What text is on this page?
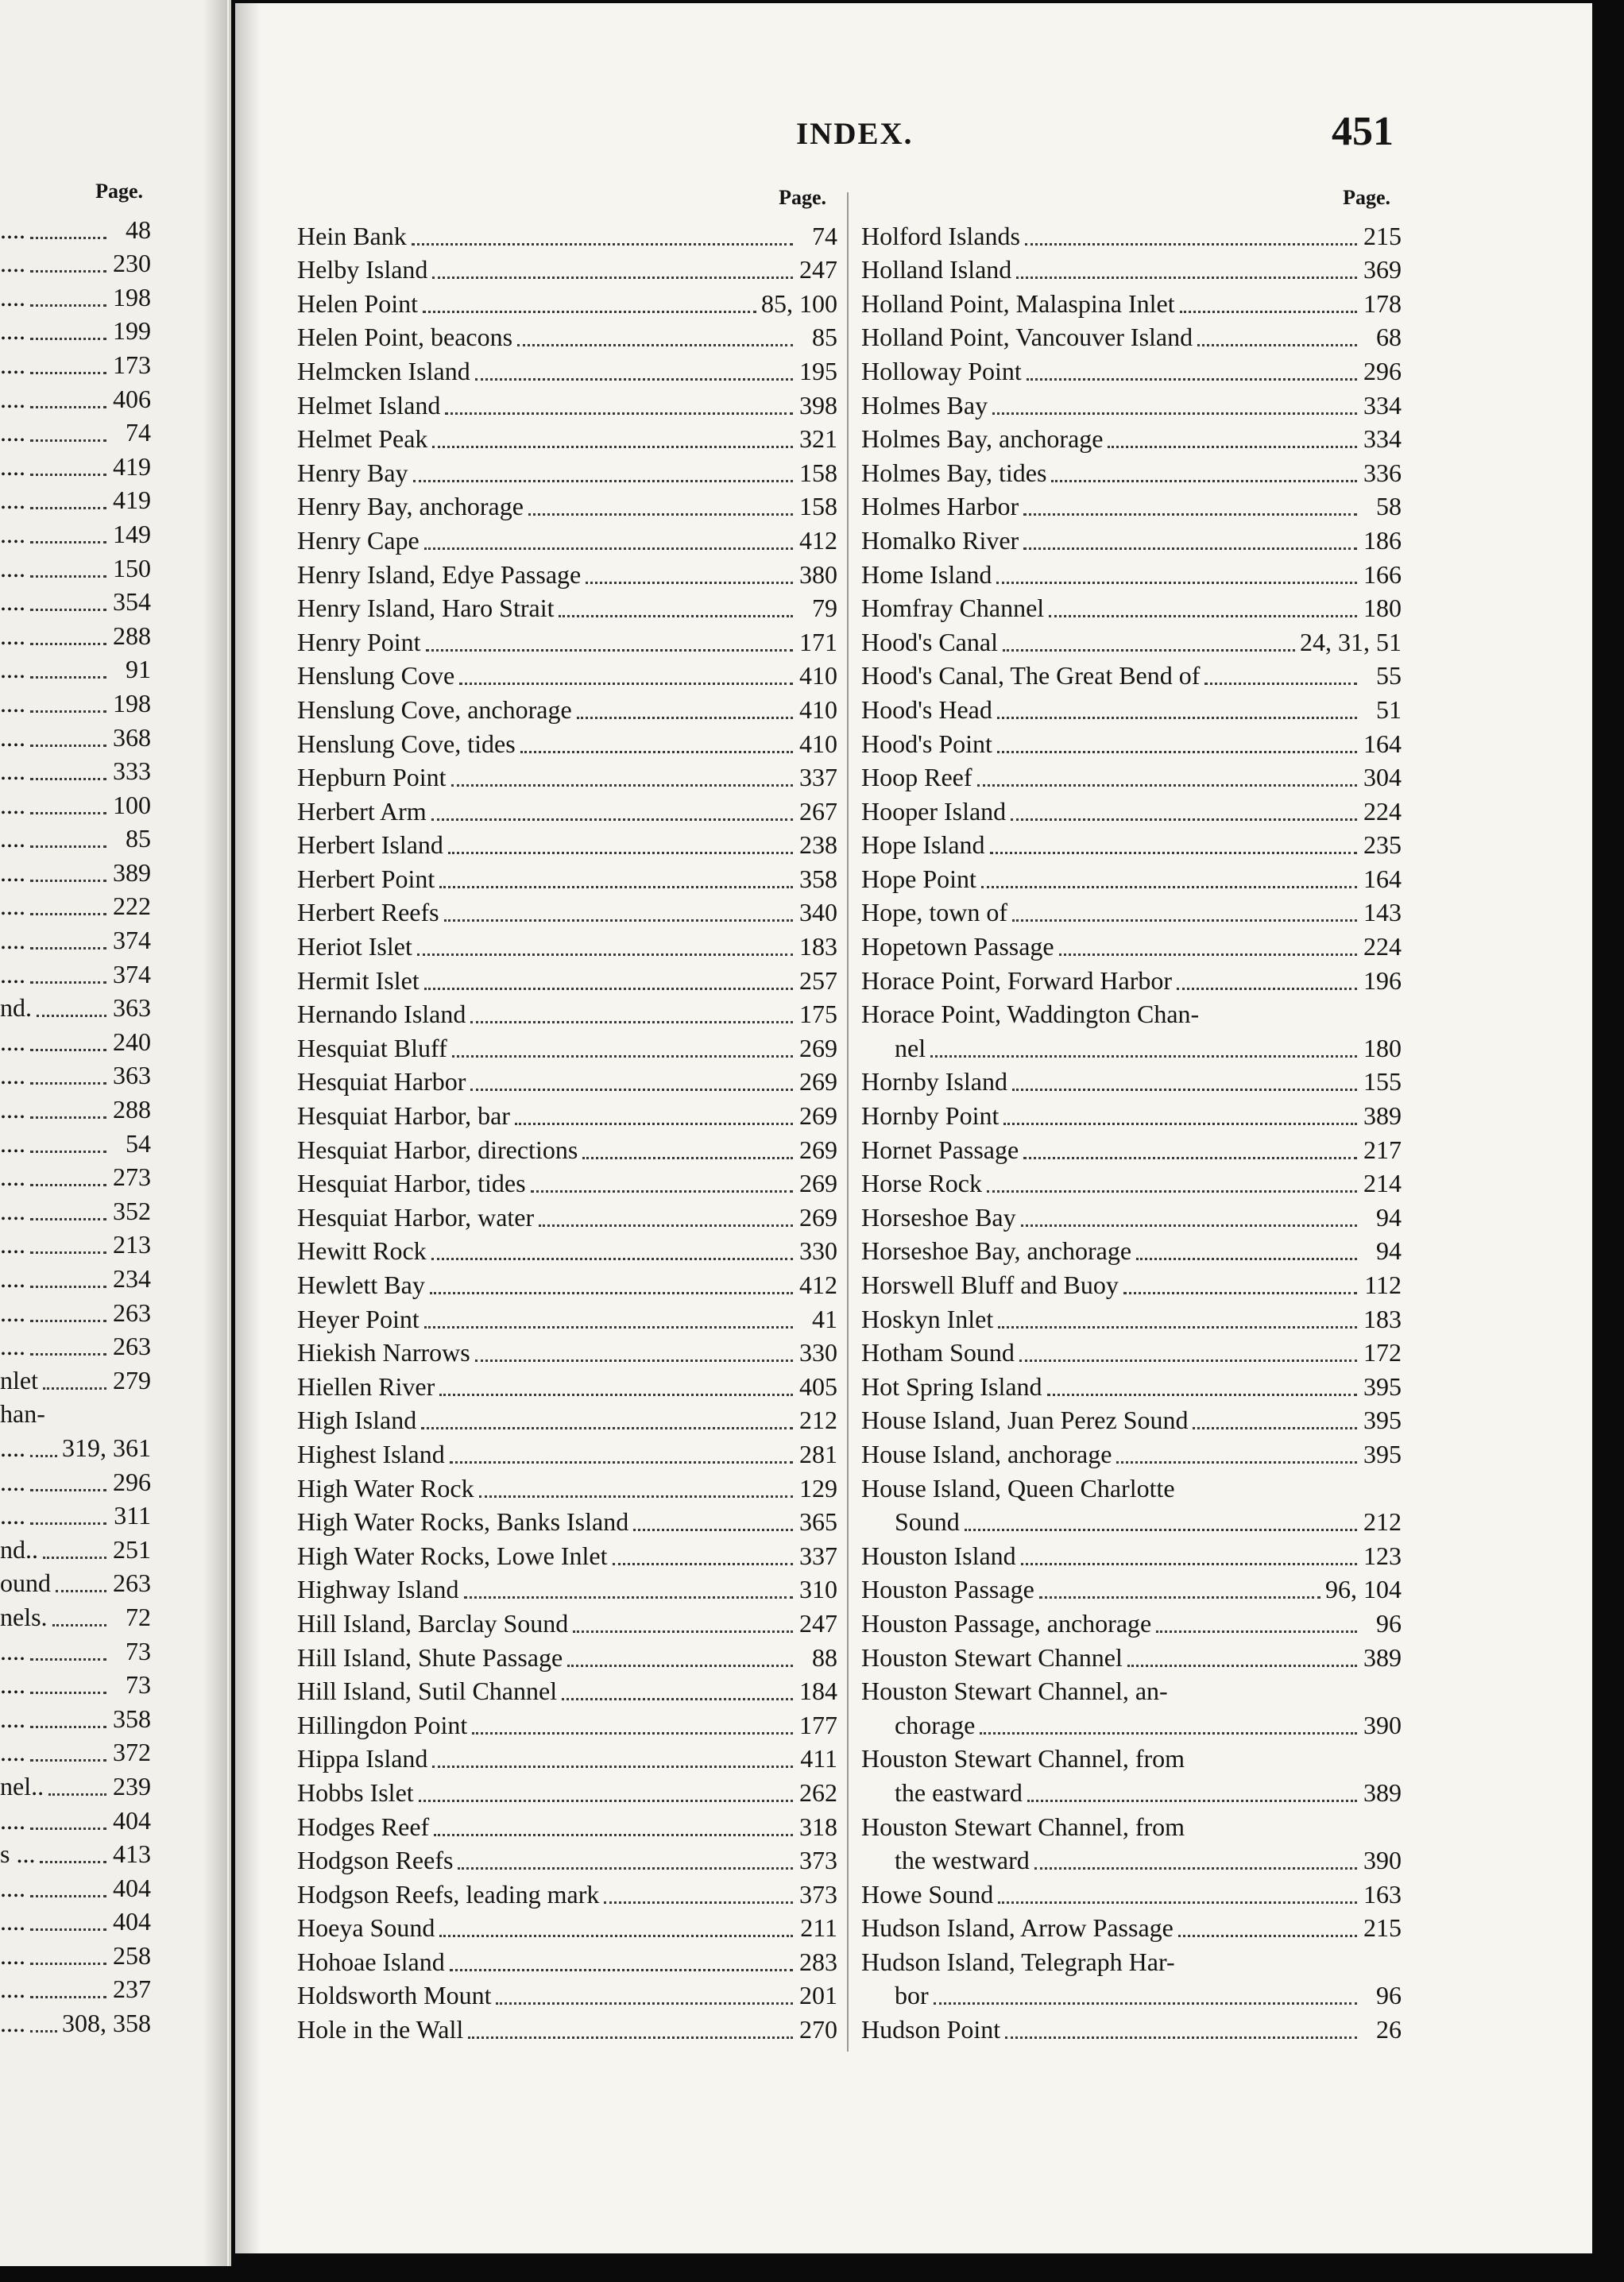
Page.
....	48
....	230
....	198
....	199
....	173
....	406
....	74
....	419
....	419
....	149
....	150
....	354
....	288
....	91
....	198
....	368
....	333
....	100
....	85
....	389
....	222
....	374
....	374
nd.	363
....	240
....	363
....	288
....	54
....	273
....	352
....	213
....	234
....	263
....	263
nlet	279
han-
.... 319, 361
....	296
....	311
nd..	251
ound 263
nels.	72
....	73
....	73
....	358
....	372
nel..	239
....	404
s ...	413
....	404
....	404
....	258
....	237
.... 308, 358
INDEX.	451
Page.
Hein Bank	74
Helby Island	247
Helen Point	85, 100
Helen Point, beacons	85
Helmcken Island	195
Helmet Island	398
Helmet Peak	321
Henry Bay	158
Henry Bay, anchorage	158
Henry Cape	412
Henry Island, Edye Passage	380
Henry Island, Haro Strait	79
Henry Point	171
Henslung Cove	410
Henslung Cove, anchorage	410
Henslung Cove, tides	410
Hepburn Point	337
Herbert Arm	267
Herbert Island	238
Herbert Point	358
Herbert Reefs	340
Heriot Islet	183
Hermit Islet	257
Hernando Island	175
Hesquiat Bluff	269
Hesquiat Harbor	269
Hesquiat Harbor, bar	269
Hesquiat Harbor, directions	269
Hesquiat Harbor, tides	269
Hesquiat Harbor, water	269
Hewitt Rock	330
Hewlett Bay	412
Heyer Point	41
Hiekish Narrows	330
Hiellen River	405
High Island	212
Highest Island	281
High Water Rock	129
High Water Rocks, Banks Island	365
High Water Rocks, Lowe Inlet	337
Highway Island	310
Hill Island, Barclay Sound	247
Hill Island, Shute Passage	88
Hill Island, Sutil Channel	184
Hillingdon Point	177
Hippa Island	411
Hobbs Islet	262
Hodges Reef	318
Hodgson Reefs	373
Hodgson Reefs, leading mark	373
Hoeya Sound	211
Hohoae Island	283
Holdsworth Mount	201
Hole in the Wall	270
Page.
Holford Islands	215
Holland Island	369
Holland Point, Malaspina Inlet	178
Holland Point, Vancouver Island	68
Holloway Point	296
Holmes Bay	334
Holmes Bay, anchorage	334
Holmes Bay, tides	336
Holmes Harbor	58
Homalko River	186
Home Island	166
Homfray Channel	180
Hood's Canal	24, 31, 51
Hood's Canal, The Great Bend of	55
Hood's Head	51
Hood's Point	164
Hoop Reef	304
Hooper Island	224
Hope Island	235
Hope Point	164
Hope, town of	143
Hopetown Passage	224
Horace Point, Forward Harbor	196
Horace Point, Waddington Chan-
nel	180
Hornby Island	155
Hornby Point	389
Hornet Passage	217
Horse Rock	214
Horseshoe Bay	94
Horseshoe Bay, anchorage	94
Horswell Bluff and Buoy	112
Hoskyn Inlet	183
Hotham Sound	172
Hot Spring Island	395
House Island, Juan Perez Sound	395
House Island, anchorage	395
House Island, Queen Charlotte
Sound	212
Houston Island	123
Houston Passage	96, 104
Houston Passage, anchorage	96
Houston Stewart Channel	389
Houston Stewart Channel, an-
chorage	390
Houston Stewart Channel, from
the eastward	389
Houston Stewart Channel, from
the westward	390
Howe Sound	163
Hudson Island, Arrow Passage	215
Hudson Island, Telegraph Har-
bor	96
Hudson Point	26
